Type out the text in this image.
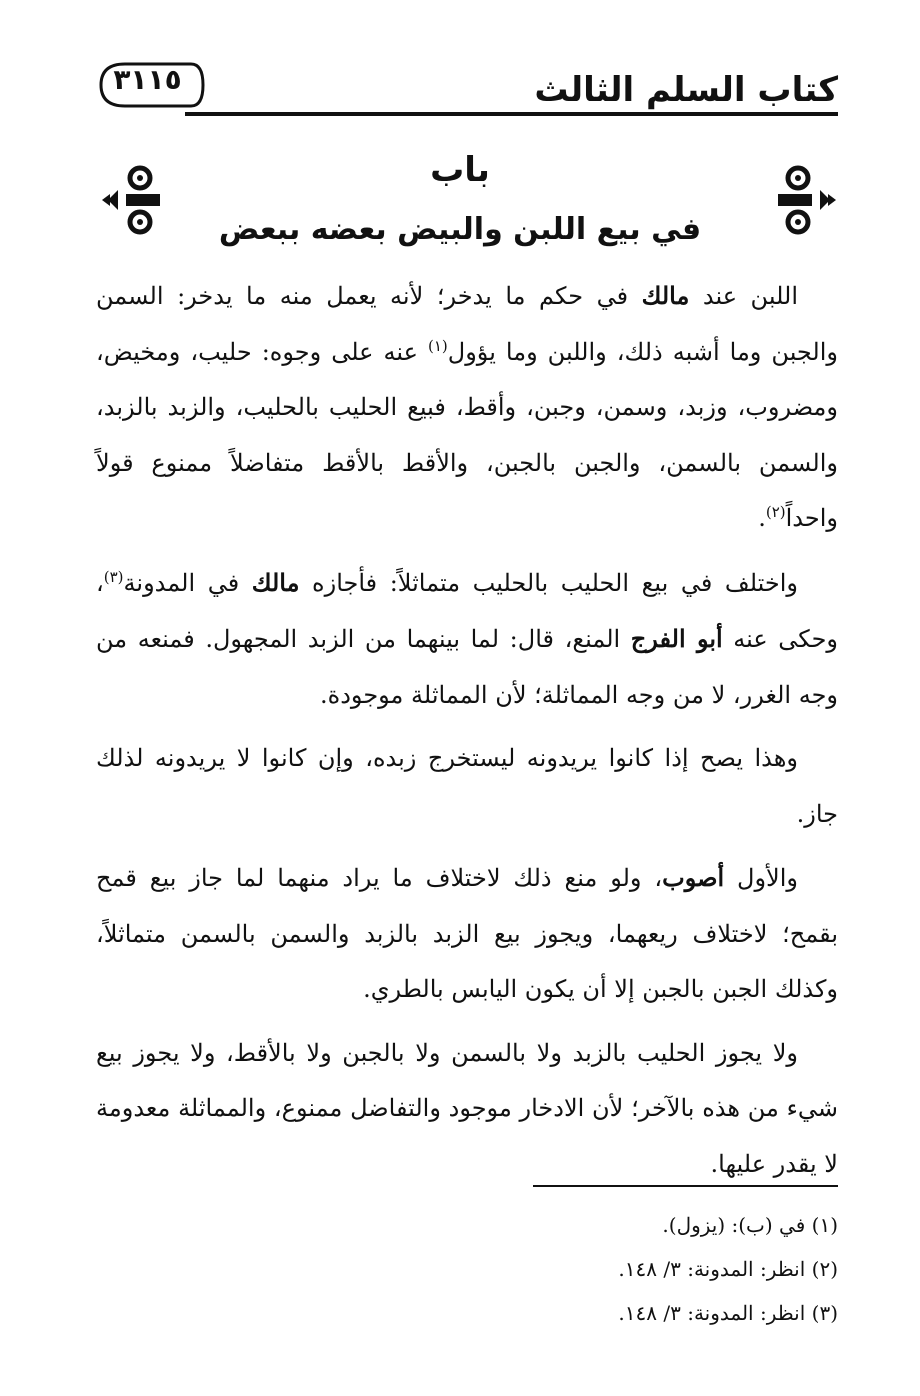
كتاب السلم الثالث
٣١١٥
باب
في بيع اللبن والبيض بعضه ببعض

اللبن عند مالك في حكم ما يدخر؛ لأنه يعمل منه ما يدخر: السمن والجبن وما أشبه ذلك، واللبن وما يؤول$^{(١)}$ عنه على وجوه: حليب، ومخيض، ومضروب، وزبد، وسمن، وجبن، وأقط، فبيع الحليب بالحليب، والزبد بالزبد، والسمن بالسمن، والجبن بالجبن، والأقط بالأقط متفاضلاً ممنوع قولاً واحداً$^{(٢)}$.

واختلف في بيع الحليب بالحليب متماثلاً: فأجازه مالك في المدونة$^{(٣)}$، وحكى عنه أبو الفرج المنع، قال: لما بينهما من الزبد المجهول. فمنعه من وجه الغرر، لا من وجه المماثلة؛ لأن المماثلة موجودة.

وهذا يصح إذا كانوا يريدونه ليستخرج زبده، وإن كانوا لا يريدونه لذلك جاز.

والأول أصوب، ولو منع ذلك لاختلاف ما يراد منهما لما جاز بيع قمح بقمح؛ لاختلاف ريعهما، ويجوز بيع الزبد بالزبد والسمن بالسمن متماثلاً، وكذلك الجبن بالجبن إلا أن يكون اليابس بالطري.

ولا يجوز الحليب بالزبد ولا بالسمن ولا بالجبن ولا بالأقط، ولا يجوز بيع شيء من هذه بالآخر؛ لأن الادخار موجود والتفاضل ممنوع، والمماثلة معدومة لا يقدر عليها.

(١) في (ب): (يزول).
(٢) انظر: المدونة: ٣/ ١٤٨.
(٣) انظر: المدونة: ٣/ ١٤٨.
